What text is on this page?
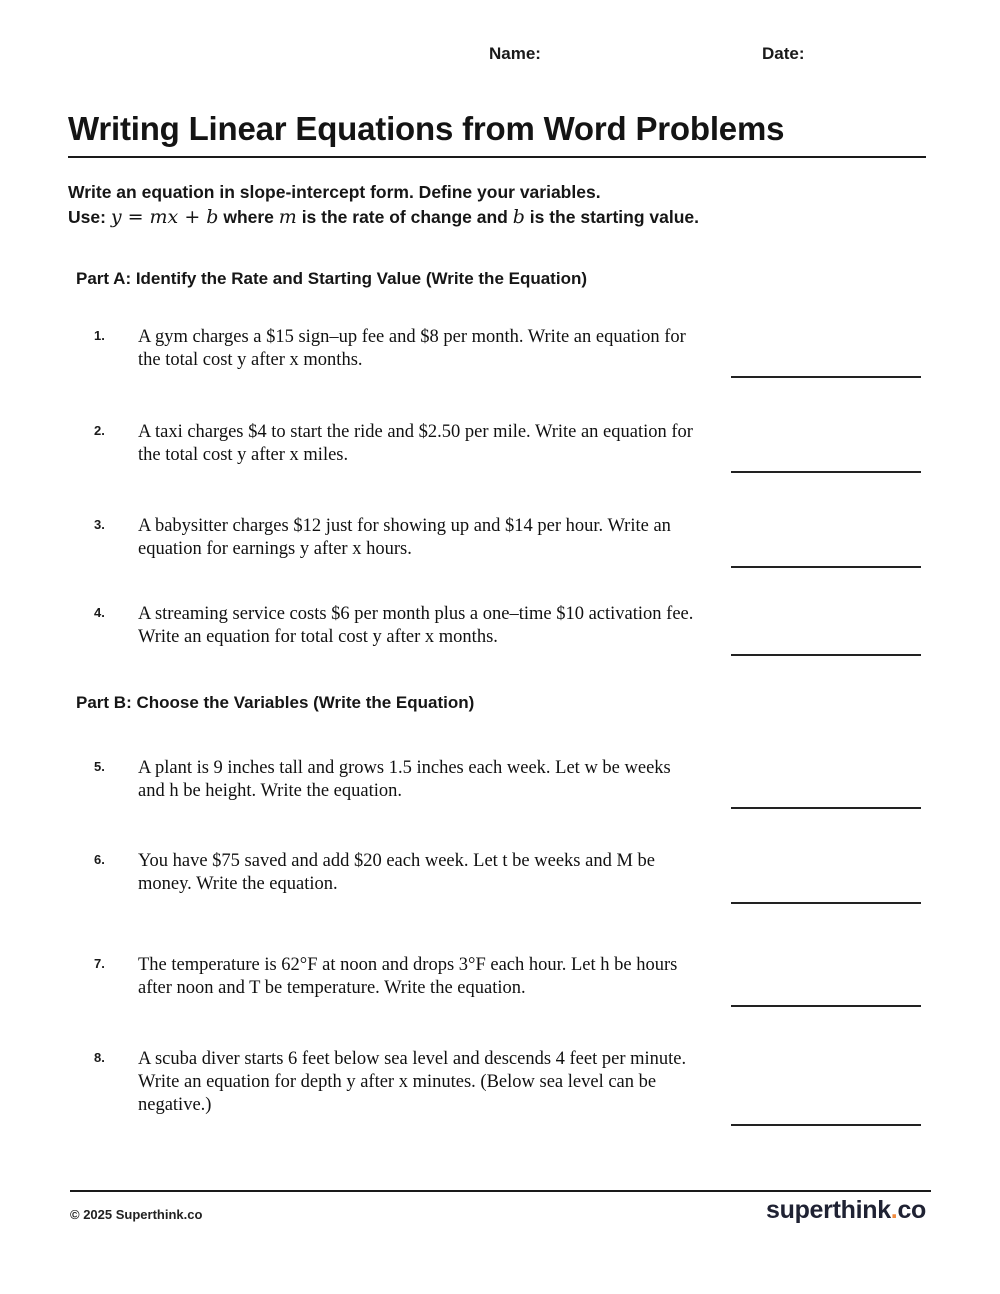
Name:	Date:
Writing Linear Equations from Word Problems
Write an equation in slope-intercept form. Define your variables.
Use: y = mx + b where m is the rate of change and b is the starting value.
Part A: Identify the Rate and Starting Value (Write the Equation)
1. A gym charges a $15 sign–up fee and $8 per month. Write an equation for the total cost y after x months.
2. A taxi charges $4 to start the ride and $2.50 per mile. Write an equation for the total cost y after x miles.
3. A babysitter charges $12 just for showing up and $14 per hour. Write an equation for earnings y after x hours.
4. A streaming service costs $6 per month plus a one–time $10 activation fee. Write an equation for total cost y after x months.
Part B: Choose the Variables (Write the Equation)
5. A plant is 9 inches tall and grows 1.5 inches each week. Let w be weeks and h be height. Write the equation.
6. You have $75 saved and add $20 each week. Let t be weeks and M be money. Write the equation.
7. The temperature is 62°F at noon and drops 3°F each hour. Let h be hours after noon and T be temperature. Write the equation.
8. A scuba diver starts 6 feet below sea level and descends 4 feet per minute. Write an equation for depth y after x minutes. (Below sea level can be negative.)
© 2025 Superthink.co	superthink.co
